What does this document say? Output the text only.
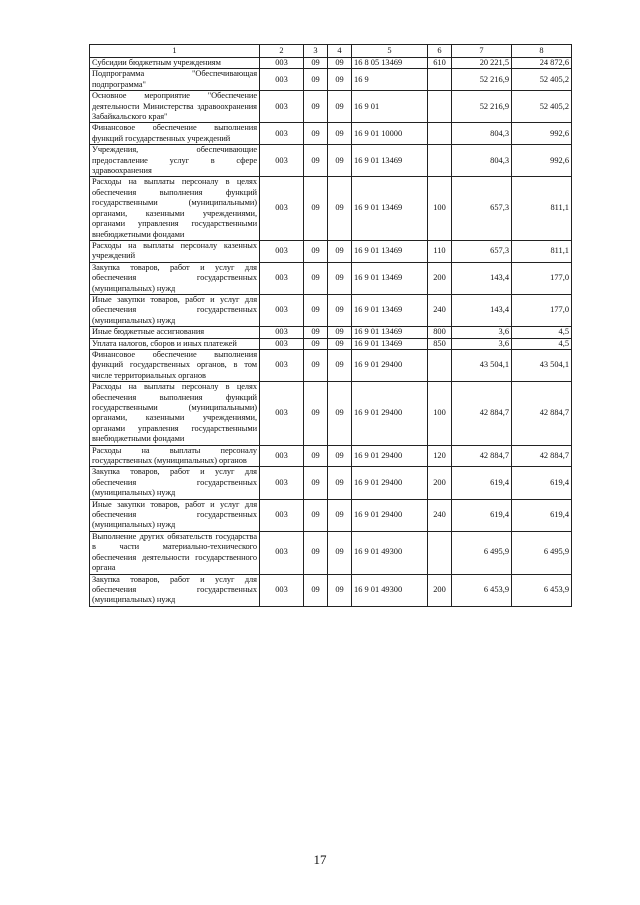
1	2	3	4	5	6	7	8
Субсидии бюджетным учреждениям	003	09	09	16 8 05 13469	610	20 221,5	24 872,6
Подпрограмма "Обеспечивающая подпрограмма"	003	09	09	16 9		52 216,9	52 405,2
Основное мероприятие "Обеспечение деятельности Министерства здравоохранения Забайкальского края"	003	09	09	16 9 01		52 216,9	52 405,2
Финансовое обеспечение выполнения функций государственных учреждений	003	09	09	16 9 01 10000		804,3	992,6
Учреждения, обеспечивающие предоставление услуг в сфере здравоохранения	003	09	09	16 9 01 13469		804,3	992,6
Расходы на выплаты персоналу в целях обеспечения выполнения функций государственными (муниципальными) органами, казенными учреждениями, органами управления государственными внебюджетными фондами	003	09	09	16 9 01 13469	100	657,3	811,1
Расходы на выплаты персоналу казенных учреждений	003	09	09	16 9 01 13469	110	657,3	811,1
Закупка товаров, работ и услуг для обеспечения государственных (муниципальных) нужд	003	09	09	16 9 01 13469	200	143,4	177,0
Иные закупки товаров, работ и услуг для обеспечения государственных (муниципальных) нужд	003	09	09	16 9 01 13469	240	143,4	177,0
Иные бюджетные ассигнования	003	09	09	16 9 01 13469	800	3,6	4,5
Уплата налогов, сборов и иных платежей	003	09	09	16 9 01 13469	850	3,6	4,5
Финансовое обеспечение выполнения функций государственных органов, в том числе территориальных органов	003	09	09	16 9 01 29400		43 504,1	43 504,1
Расходы на выплаты персоналу в целях обеспечения выполнения функций государственными (муниципальными) органами, казенными учреждениями, органами управления государственными внебюджетными фондами	003	09	09	16 9 01 29400	100	42 884,7	42 884,7
Расходы на выплаты персоналу государственных (муниципальных) органов	003	09	09	16 9 01 29400	120	42 884,7	42 884,7
Закупка товаров, работ и услуг для обеспечения государственных (муниципальных) нужд	003	09	09	16 9 01 29400	200	619,4	619,4
Иные закупки товаров, работ и услуг для обеспечения государственных (муниципальных) нужд	003	09	09	16 9 01 29400	240	619,4	619,4
Выполнение других обязательств государства в части материально-технического обеспечения деятельности государственного органа	003	09	09	16 9 01 49300		6 495,9	6 495,9
Закупка товаров, работ и услуг для обеспечения государственных (муниципальных) нужд	003	09	09	16 9 01 49300	200	6 453,9	6 453,9
17
